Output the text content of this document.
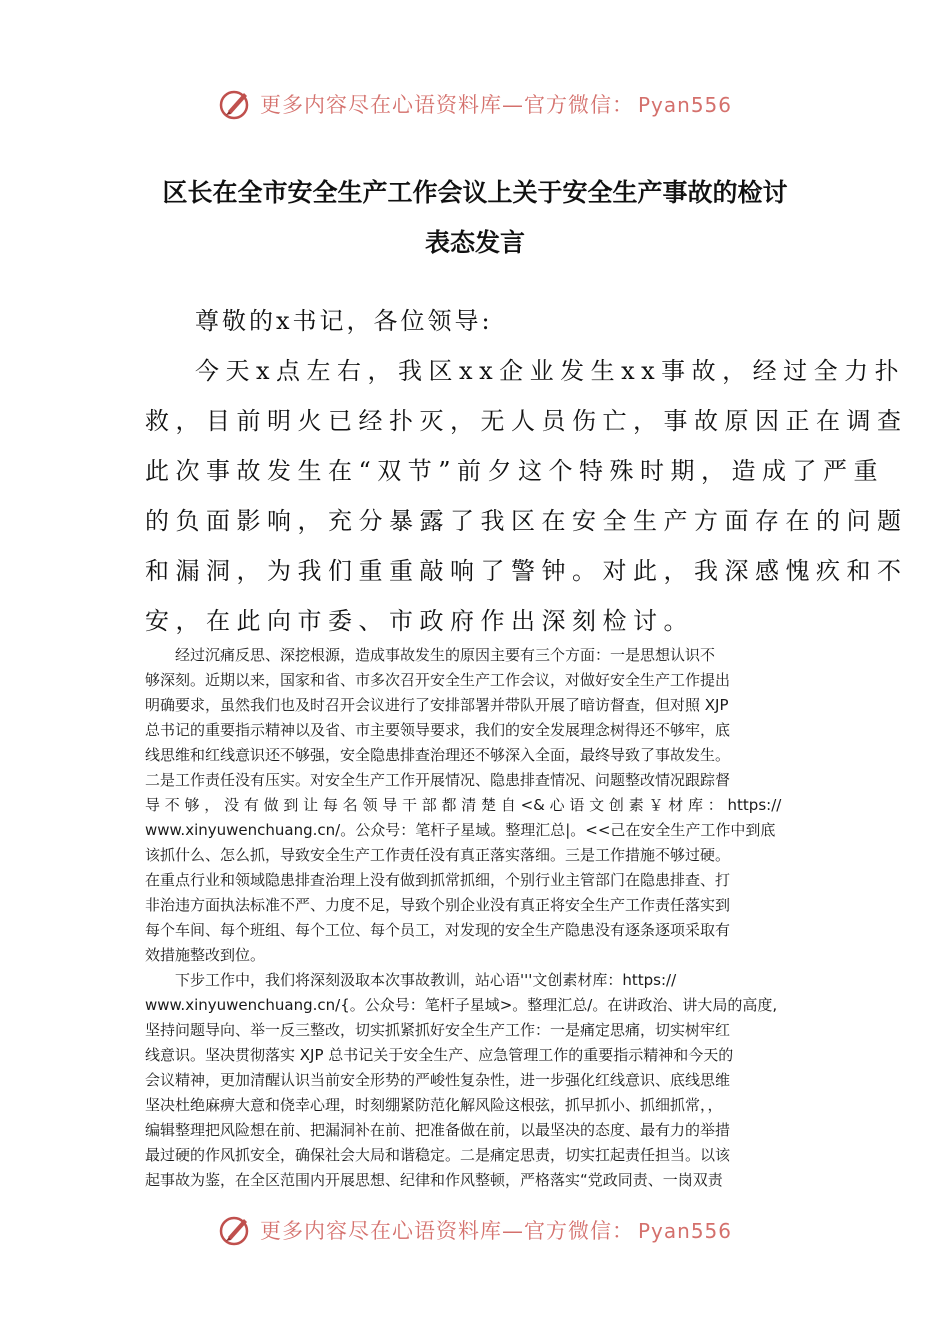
更多内容尽在心语资料库—官方微信： Pyan556
区长在全市安全生产工作会议上关于安全生产事故的检讨
表态发言
尊敬的x书记，各位领导:
今天x点左右，我区xx企业发生xx事故，经过全力扑
救，目前明火已经扑灭，无人员伤亡，事故原因正在调查
此次事故发生在“双节”前夕这个特殊时期，造成了严重
的负面影响，充分暴露了我区在安全生产方面存在的问题
和漏洞，为我们重重敲响了警钟。对此，我深感愧疚和不
安，在此向市委、市政府作出深刻检讨。
　　经过沉痛反思、深挖根源，造成事故发生的原因主要有三个方面：一是思想认识不
够深刻。近期以来，国家和省、市多次召开安全生产工作会议，对做好安全生产工作提出
明确要求，虽然我们也及时召开会议进行了安排部署并带队开展了暗访督查，但对照 XJP
总书记的重要指示精神以及省、市主要领导要求，我们的安全发展理念树得还不够牢，底
线思维和红线意识还不够强，安全隐患排查治理还不够深入全面，最终导致了事故发生。
二是工作责任没有压实。对安全生产工作开展情况、隐患排查情况、问题整改情况跟踪督
导 不 够 ， 没 有 做 到 让 每 名 领 导 干 部 都 清 楚 自 <& 心 语 文 创 素 ￥ 材 库 ： https://
www.xinyuwenchuang.cn/。公众号：笔杆子星域。整理汇总|。<<己在安全生产工作中到底
该抓什么、怎么抓，导致安全生产工作责任没有真正落实落细。三是工作措施不够过硬。
在重点行业和领域隐患排查治理上没有做到抓常抓细，个别行业主管部门在隐患排查、打
非治违方面执法标准不严、力度不足，导致个别企业没有真正将安全生产工作责任落实到
每个车间、每个班组、每个工位、每个员工，对发现的安全生产隐患没有逐条逐项采取有
效措施整改到位。
　　下步工作中，我们将深刻汲取本次事故教训，站心语'''文创素材库：https://
www.xinyuwenchuang.cn/{。公众号：笔杆子星域>。整理汇总/。在讲政治、讲大局的高度,
坚持问题导向、举一反三整改，切实抓紧抓好安全生产工作：一是痛定思痛，切实树牢红
线意识。坚决贯彻落实 XJP 总书记关于安全生产、应急管理工作的重要指示精神和今天的
会议精神，更加清醒认识当前安全形势的严峻性复杂性，进一步强化红线意识、底线思维
坚决杜绝麻痹大意和侥幸心理，时刻绷紧防范化解风险这根弦，抓早抓小、抓细抓常，，
编辑整理把风险想在前、把漏洞补在前、把准备做在前，以最坚决的态度、最有力的举措
最过硬的作风抓安全，确保社会大局和谐稳定。二是痛定思责，切实扛起责任担当。以该
起事故为鉴，在全区范围内开展思想、纪律和作风整顿，严格落实“党政同责、一岗双责
更多内容尽在心语资料库—官方微信： Pyan556
